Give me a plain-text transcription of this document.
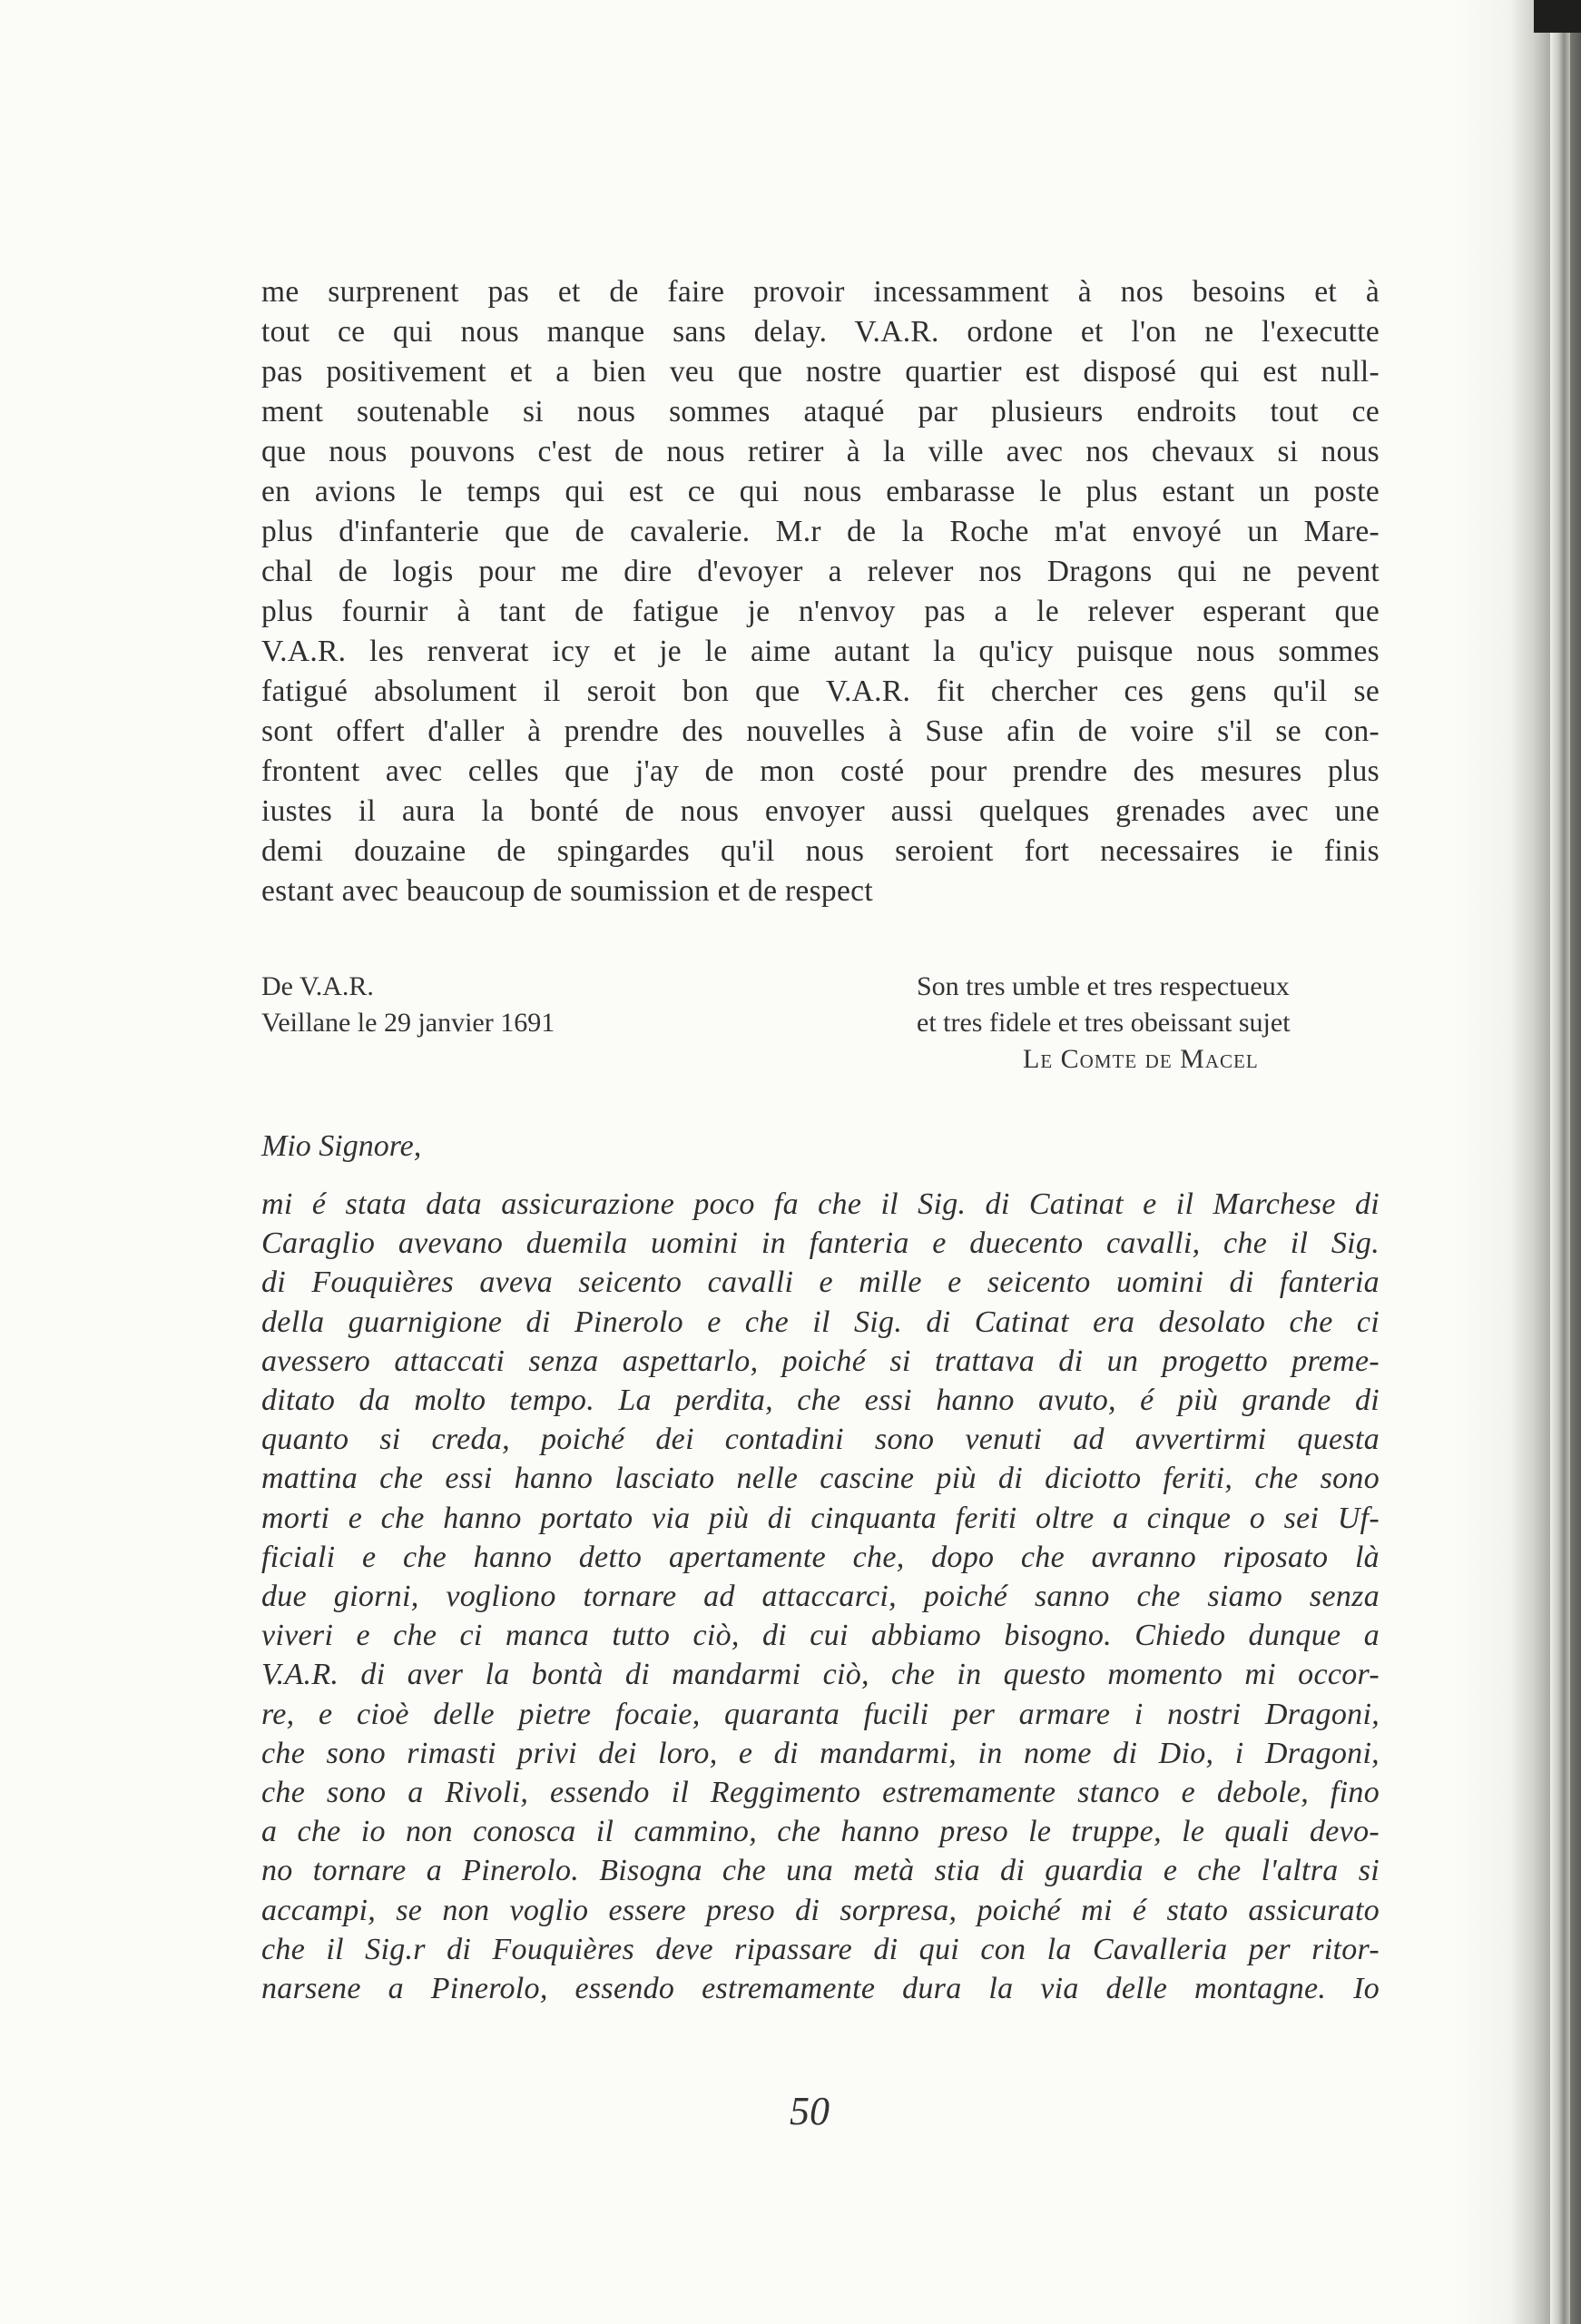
me surprenent pas et de faire provoir incessamment à nos besoins et à
tout ce qui nous manque sans delay. V.A.R. ordone et l'on ne l'executte
pas positivement et a bien veu que nostre quartier est disposé qui est null-
ment soutenable si nous sommes ataqué par plusieurs endroits tout ce
que nous pouvons c'est de nous retirer à la ville avec nos chevaux si nous
en avions le temps qui est ce qui nous embarasse le plus estant un poste
plus d'infanterie que de cavalerie. M.r de la Roche m'at envoyé un Mare-
chal de logis pour me dire d'evoyer a relever nos Dragons qui ne pevent
plus fournir à tant de fatigue je n'envoy pas a le relever esperant que
V.A.R. les renverat icy et je le aime autant la qu'icy puisque nous sommes
fatigué absolument il seroit bon que V.A.R. fit chercher ces gens qu'il se
sont offert d'aller à prendre des nouvelles à Suse afin de voire s'il se con-
frontent avec celles que j'ay de mon costé pour prendre des mesures plus
iustes il aura la bonté de nous envoyer aussi quelques grenades avec une
demi douzaine de spingardes qu'il nous seroient fort necessaires ie finis
estant avec beaucoup de soumission et de respect
De V.A.R.
Veillane le 29 janvier 1691
Son tres umble et tres respectueux
et tres fidele et tres obeissant sujet
Le Comte de Macel
Mio Signore,
mi é stata data assicurazione poco fa che il Sig. di Catinat e il Marchese di
Caraglio avevano duemila uomini in fanteria e duecento cavalli, che il Sig.
di Fouquières aveva seicento cavalli e mille e seicento uomini di fanteria
della guarnigione di Pinerolo e che il Sig. di Catinat era desolato che ci
avessero attaccati senza aspettarlo, poiché si trattava di un progetto preme-
ditato da molto tempo. La perdita, che essi hanno avuto, é più grande di
quanto si creda, poiché dei contadini sono venuti ad avvertirmi questa
mattina che essi hanno lasciato nelle cascine più di diciotto feriti, che sono
morti e che hanno portato via più di cinquanta feriti oltre a cinque o sei Uf-
ficiali e che hanno detto apertamente che, dopo che avranno riposato là
due giorni, vogliono tornare ad attaccarci, poiché sanno che siamo senza
viveri e che ci manca tutto ciò, di cui abbiamo bisogno. Chiedo dunque a
V.A.R. di aver la bontà di mandarmi ciò, che in questo momento mi occor-
re, e cioè delle pietre focaie, quaranta fucili per armare i nostri Dragoni,
che sono rimasti privi dei loro, e di mandarmi, in nome di Dio, i Dragoni,
che sono a Rivoli, essendo il Reggimento estremamente stanco e debole, fino
a che io non conosca il cammino, che hanno preso le truppe, le quali devo-
no tornare a Pinerolo. Bisogna che una metà stia di guardia e che l'altra si
accampi, se non voglio essere preso di sorpresa, poiché mi é stato assicurato
che il Sig.r di Fouquières deve ripassare di qui con la Cavalleria per ritor-
narsene a Pinerolo, essendo estremamente dura la via delle montagne. Io
50
